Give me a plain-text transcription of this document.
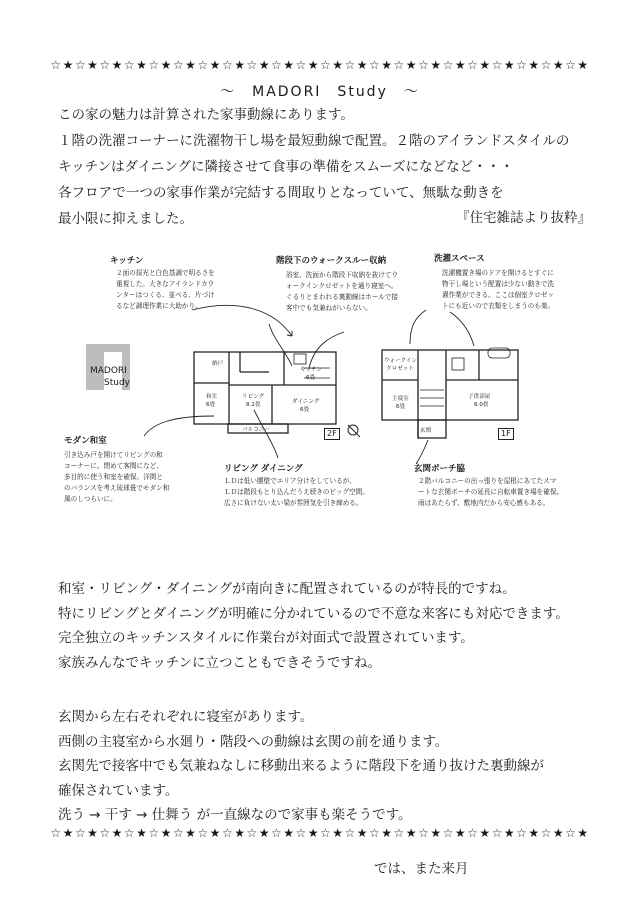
☆★☆★☆★☆★☆★☆★☆★☆★☆★☆★☆★☆★☆★☆★☆★☆★☆★☆★☆★☆★☆★☆★
～　MADORI　Study　～
この家の魅力は計算された家事動線にあります。
１階の洗濯コーナーに洗濯物干し場を最短動線で配置。２階のアイランドスタイルの
キッチンはダイニングに隣接させて食事の準備をスムーズになどなど・・・
各フロアで一つの家事作業が完結する間取りとなっていて、無駄な動きを
最小限に抑えました。	『住宅雑誌より抜粋』
MADORI
Study
2F	1F
納戸
キッチン
6畳
和室
6畳
リビング
8.2畳	ダイニング
6畳
バルコニー
ウォークイン
クロゼット
主寝室
6畳
玄関
子供部屋
6.0畳
キッチン
２面の採光と白色基調で明るさを
重視した。大きなアイランドカウ
ンターはつくる、並べる、片づけ
るなど調理作業に大助かり。
階段下のウォークスルー収納
浴室、洗面から階段下収納を抜けてウ
ォークインクロゼットを通り寝室へ。
ぐるりとまわれる裏動線はホールで接
客中でも気兼ねがいらない。
洗濯スペース
洗濯機置き場のドアを開けるとすぐに
物干し場という配置は少ない動きで洗
濯作業ができる。ここは個室クロゼッ
トにも近いので衣類をしまうのも楽。
モダン和室
引き込み戸を開けてリビングの和
コーナーに。閉めて客間になど、
多目的に使う和室を確保。洋間と
のバランスを考え琉球畳でモダン和
風のしつらいに。
リビング ダイニング
ＬＤは低い腰壁でエリア分けをしているが、
ＬＤは階段もとり込んだうえ続きのビッグ空間。
広さに負けない太い梁が雰囲気を引き締める。
玄関ポーチ脇
２階バルコニーの出っ張りを屋根にあてたスマ
ートな玄関ポーチの延長に自転車置き場を確保。
雨はあたらず、敷地内だから安心感もある。
和室・リビング・ダイニングが南向きに配置されているのが特長的ですね。
特にリビングとダイニングが明確に分かれているので不意な来客にも対応できます。
完全独立のキッチンスタイルに作業台が対面式で設置されています。
家族みんなでキッチンに立つこともできそうですね。
玄関から左右それぞれに寝室があります。
西側の主寝室から水廻り・階段への動線は玄関の前を通ります。
玄関先で接客中でも気兼ねなしに移動出来るように階段下を通り抜けた裏動線が
確保されています。
洗う → 干す → 仕舞う が一直線なので家事も楽そうです。
☆★☆★☆★☆★☆★☆★☆★☆★☆★☆★☆★☆★☆★☆★☆★☆★☆★☆★☆★☆★☆★☆★
では、また来月
